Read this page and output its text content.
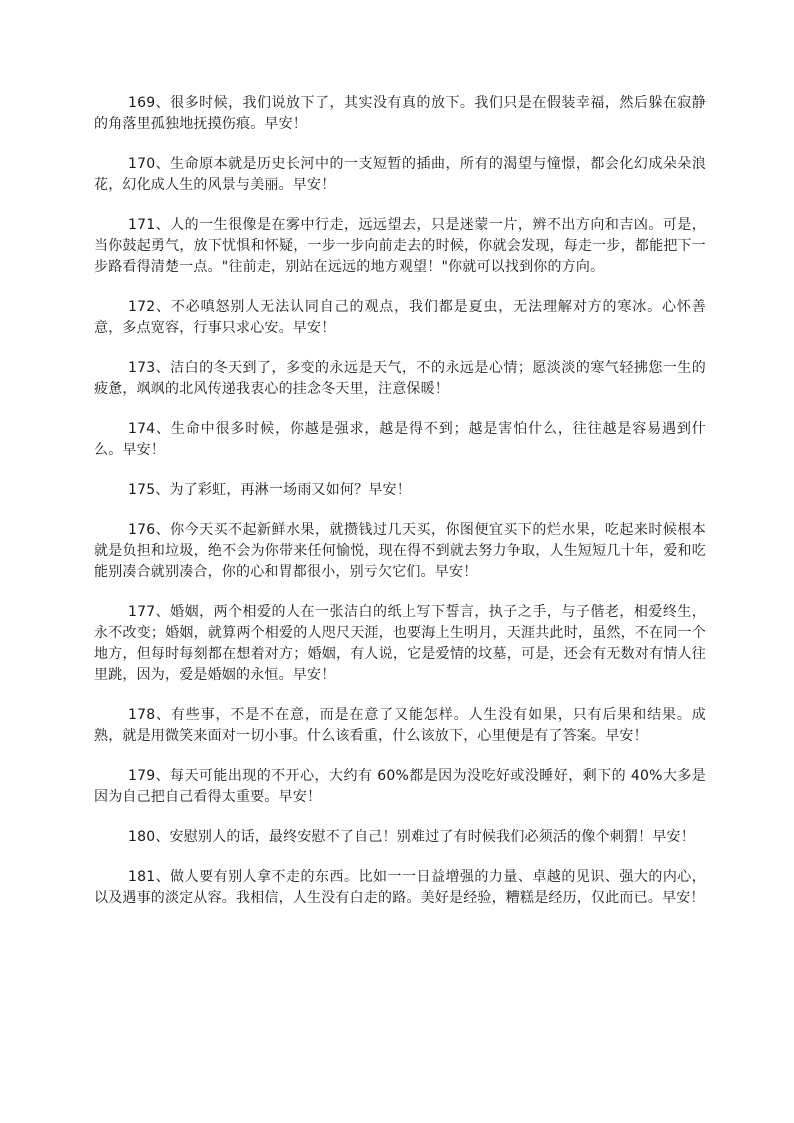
169、很多时候，我们说放下了，其实没有真的放下。我们只是在假装幸福，然后躲在寂静的角落里孤独地抚摸伤痕。早安！

170、生命原本就是历史长河中的一支短暂的插曲，所有的渴望与憧憬，都会化幻成朵朵浪花，幻化成人生的风景与美丽。早安！

171、人的一生很像是在雾中行走，远远望去，只是迷蒙一片，辨不出方向和吉凶。可是，当你鼓起勇气，放下忧惧和怀疑，一步一步向前走去的时候，你就会发现，每走一步，都能把下一步路看得清楚一点。"往前走，别站在远远的地方观望！"你就可以找到你的方向。

172、不必嗔怒别人无法认同自己的观点，我们都是夏虫，无法理解对方的寒冰。心怀善意，多点宽容，行事只求心安。早安！

173、洁白的冬天到了，多变的永远是天气，不的永远是心情；愿淡淡的寒气轻拂您一生的疲惫，飒飒的北风传递我衷心的挂念冬天里，注意保暖！

174、生命中很多时候，你越是强求，越是得不到；越是害怕什么，往往越是容易遇到什么。早安！

175、为了彩虹，再淋一场雨又如何？早安！

176、你今天买不起新鲜水果，就攒钱过几天买，你图便宜买下的烂水果，吃起来时候根本就是负担和垃圾，绝不会为你带来任何愉悦，现在得不到就去努力争取，人生短短几十年，爱和吃能别凑合就别凑合，你的心和胃都很小，别亏欠它们。早安！

177、婚姻，两个相爱的人在一张洁白的纸上写下誓言，执子之手，与子偕老，相爱终生，永不改变；婚姻，就算两个相爱的人咫尺天涯，也要海上生明月，天涯共此时，虽然，不在同一个地方，但每时每刻都在想着对方；婚姻，有人说，它是爱情的坟墓，可是，还会有无数对有情人往里跳，因为，爱是婚姻的永恒。早安！

178、有些事，不是不在意，而是在意了又能怎样。人生没有如果，只有后果和结果。成熟，就是用微笑来面对一切小事。什么该看重，什么该放下，心里便是有了答案。早安！

179、每天可能出现的不开心，大约有 60%都是因为没吃好或没睡好，剩下的 40%大多是因为自己把自己看得太重要。早安！

180、安慰别人的话，最终安慰不了自己！别难过了有时候我们必须活的像个刺猬！早安！

181、做人要有别人拿不走的东西。比如一一日益增强的力量、卓越的见识、强大的内心，以及遇事的淡定从容。我相信，人生没有白走的路。美好是经验，糟糕是经历，仅此而已。早安！
